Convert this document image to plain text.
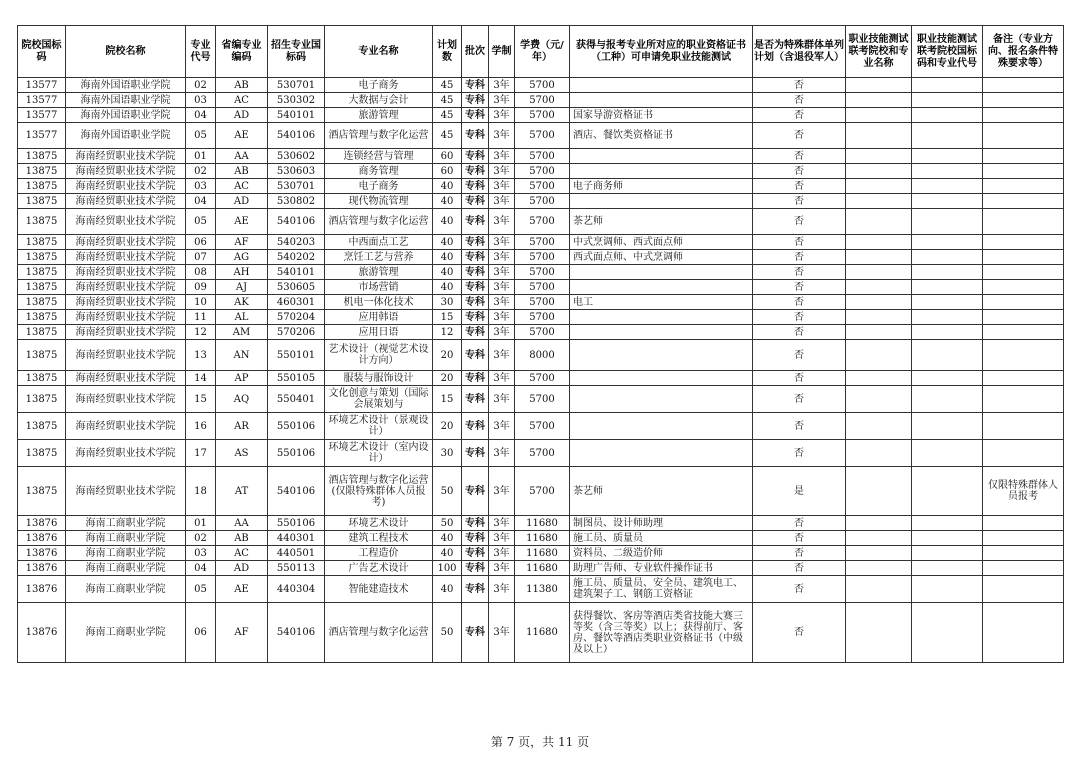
院校国标码	院校名称	专业代号	省编专业编码	招生专业国标码	专业名称	计划数	批次	学制	学费（元/年）	获得与报考专业所对应的职业资格证书（工种）可申请免职业技能测试	是否为特殊群体单列计划（含退役军人）	职业技能测试联考院校和专业名称	职业技能测试联考院校国标码和专业代号	备注（专业方向、报名条件特殊要求等）
13577	海南外国语职业学院	02	AB	530701	电子商务	45	专科	3年	5700		否			
13577	海南外国语职业学院	03	AC	530302	大数据与会计	45	专科	3年	5700		否			
13577	海南外国语职业学院	04	AD	540101	旅游管理	45	专科	3年	5700	国家导游资格证书	否			
13577	海南外国语职业学院	05	AE	540106	酒店管理与数字化运营	45	专科	3年	5700	酒店、餐饮类资格证书	否			
13875	海南经贸职业技术学院	01	AA	530602	连锁经营与管理	60	专科	3年	5700		否			
13875	海南经贸职业技术学院	02	AB	530603	商务管理	60	专科	3年	5700		否			
13875	海南经贸职业技术学院	03	AC	530701	电子商务	40	专科	3年	5700	电子商务师	否			
13875	海南经贸职业技术学院	04	AD	530802	现代物流管理	40	专科	3年	5700		否			
13875	海南经贸职业技术学院	05	AE	540106	酒店管理与数字化运营	40	专科	3年	5700	茶艺师	否			
13875	海南经贸职业技术学院	06	AF	540203	中西面点工艺	40	专科	3年	5700	中式烹调师、西式面点师	否			
13875	海南经贸职业技术学院	07	AG	540202	烹饪工艺与营养	40	专科	3年	5700	西式面点师、中式烹调师	否			
13875	海南经贸职业技术学院	08	AH	540101	旅游管理	40	专科	3年	5700		否			
13875	海南经贸职业技术学院	09	AJ	530605	市场营销	40	专科	3年	5700		否			
13875	海南经贸职业技术学院	10	AK	460301	机电一体化技术	30	专科	3年	5700	电工	否			
13875	海南经贸职业技术学院	11	AL	570204	应用韩语	15	专科	3年	5700		否			
13875	海南经贸职业技术学院	12	AM	570206	应用日语	12	专科	3年	5700		否			
13875	海南经贸职业技术学院	13	AN	550101	艺术设计（视觉艺术设计方向）	20	专科	3年	8000		否			
13875	海南经贸职业技术学院	14	AP	550105	服装与服饰设计	20	专科	3年	5700		否			
13875	海南经贸职业技术学院	15	AQ	550401	文化创意与策划（国际会展策划与	15	专科	3年	5700		否			
13875	海南经贸职业技术学院	16	AR	550106	环境艺术设计（景观设计）	20	专科	3年	5700		否			
13875	海南经贸职业技术学院	17	AS	550106	环境艺术设计（室内设计）	30	专科	3年	5700		否			
13875	海南经贸职业技术学院	18	AT	540106	酒店管理与数字化运营(仅限特殊群体人员报考)	50	专科	3年	5700	茶艺师	是			仅限特殊群体人员报考
13876	海南工商职业学院	01	AA	550106	环境艺术设计	50	专科	3年	11680	制图员、设计师助理	否			
13876	海南工商职业学院	02	AB	440301	建筑工程技术	40	专科	3年	11680	施工员、质量员	否			
13876	海南工商职业学院	03	AC	440501	工程造价	40	专科	3年	11680	资料员、二级造价师	否			
13876	海南工商职业学院	04	AD	550113	广告艺术设计	100	专科	3年	11680	助理广告师、专业软件操作证书	否			
13876	海南工商职业学院	05	AE	440304	智能建造技术	40	专科	3年	11380	施工员、质量员、安全员、建筑电工、建筑架子工、钢筋工资格证	否			
13876	海南工商职业学院	06	AF	540106	酒店管理与数字化运营	50	专科	3年	11680	获得餐饮、客房等酒店类省技能大赛三等奖（含三等奖）以上；获得前厅、客房、餐饮等酒店类职业资格证书（中级及以上）	否			
第 7 页，共 11 页
